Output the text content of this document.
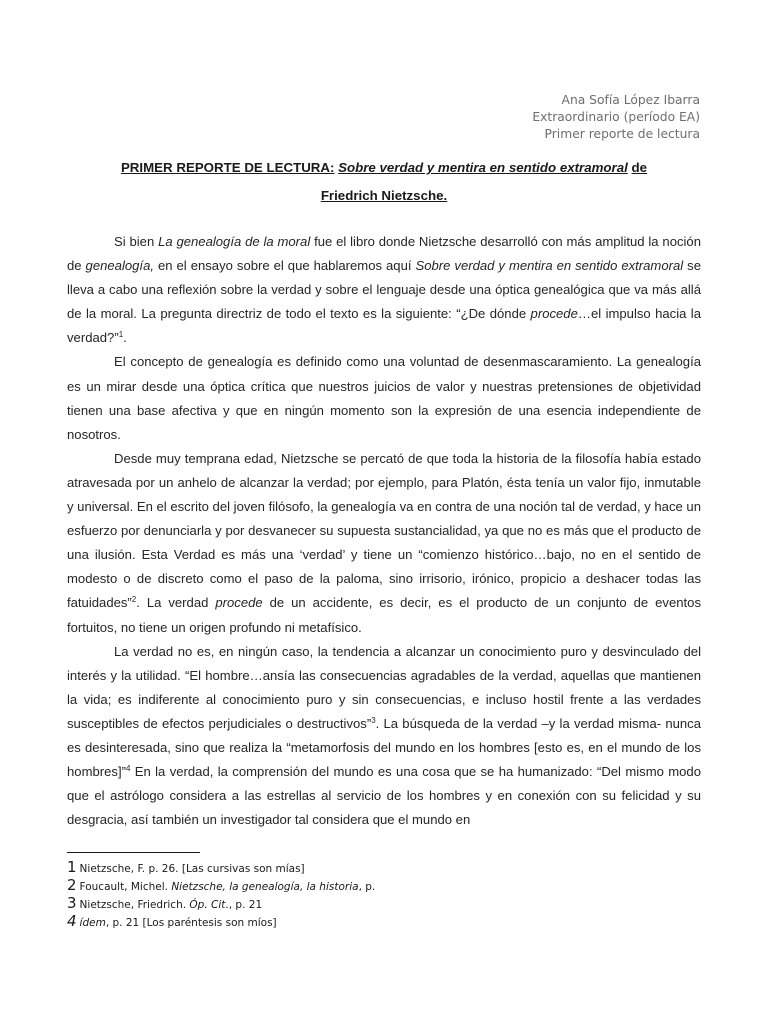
Ana Sofía López Ibarra
Extraordinario (período EA)
Primer reporte de lectura
PRIMER REPORTE DE LECTURA: Sobre verdad y mentira en sentido extramoral de
Friedrich Nietzsche.

Si bien La genealogía de la moral fue el libro donde Nietzsche desarrolló con más amplitud la noción de genealogía, en el ensayo sobre el que hablaremos aquí Sobre verdad y mentira en sentido extramoral se lleva a cabo una reflexión sobre la verdad y sobre el lenguaje desde una óptica genealógica que va más allá de la moral. La pregunta directriz de todo el texto es la siguiente: “¿De dónde procede…el impulso hacia la verdad?”$^1$.

El concepto de genealogía es definido como una voluntad de desenmascaramiento. La genealogía es un mirar desde una óptica crítica que nuestros juicios de valor y nuestras pretensiones de objetividad tienen una base afectiva y que en ningún momento son la expresión de una esencia independiente de nosotros.

Desde muy temprana edad, Nietzsche se percató de que toda la historia de la filosofía había estado atravesada por un anhelo de alcanzar la verdad; por ejemplo, para Platón, ésta tenía un valor fijo, inmutable y universal. En el escrito del joven filósofo, la genealogía va en contra de una noción tal de verdad, y hace un esfuerzo por denunciarla y por desvanecer su supuesta sustancialidad, ya que no es más que el producto de una ilusión. Esta Verdad es más una ‘verdad’ y tiene un “comienzo histórico…bajo, no en el sentido de modesto o de discreto como el paso de la paloma, sino irrisorio, irónico, propicio a deshacer todas las fatuidades”$^2$. La verdad procede de un accidente, es decir, es el producto de un conjunto de eventos fortuitos, no tiene un origen profundo ni metafísico.

La verdad no es, en ningún caso, la tendencia a alcanzar un conocimiento puro y desvinculado del interés y la utilidad. “El hombre…ansía las consecuencias agradables de la verdad, aquellas que mantienen la vida; es indiferente al conocimiento puro y sin consecuencias, e incluso hostil frente a las verdades susceptibles de efectos perjudiciales o destructivos”$^3$. La búsqueda de la verdad –y la verdad misma- nunca es desinteresada, sino que realiza la “metamorfosis del mundo en los hombres [esto es, en el mundo de los hombres]”$^4$ En la verdad, la comprensión del mundo es una cosa que se ha humanizado: “Del mismo modo que el astrólogo considera a las estrellas al servicio de los hombres y en conexión con su felicidad y su desgracia, así también un investigador tal considera que el mundo en

1 Nietzsche, F. p. 26. [Las cursivas son mías]
2 Foucault, Michel. Nietzsche, la genealogía, la historia, p.
3 Nietzsche, Friedrich. Óp. Cit., p. 21
4 ídem, p. 21 [Los paréntesis son míos]
